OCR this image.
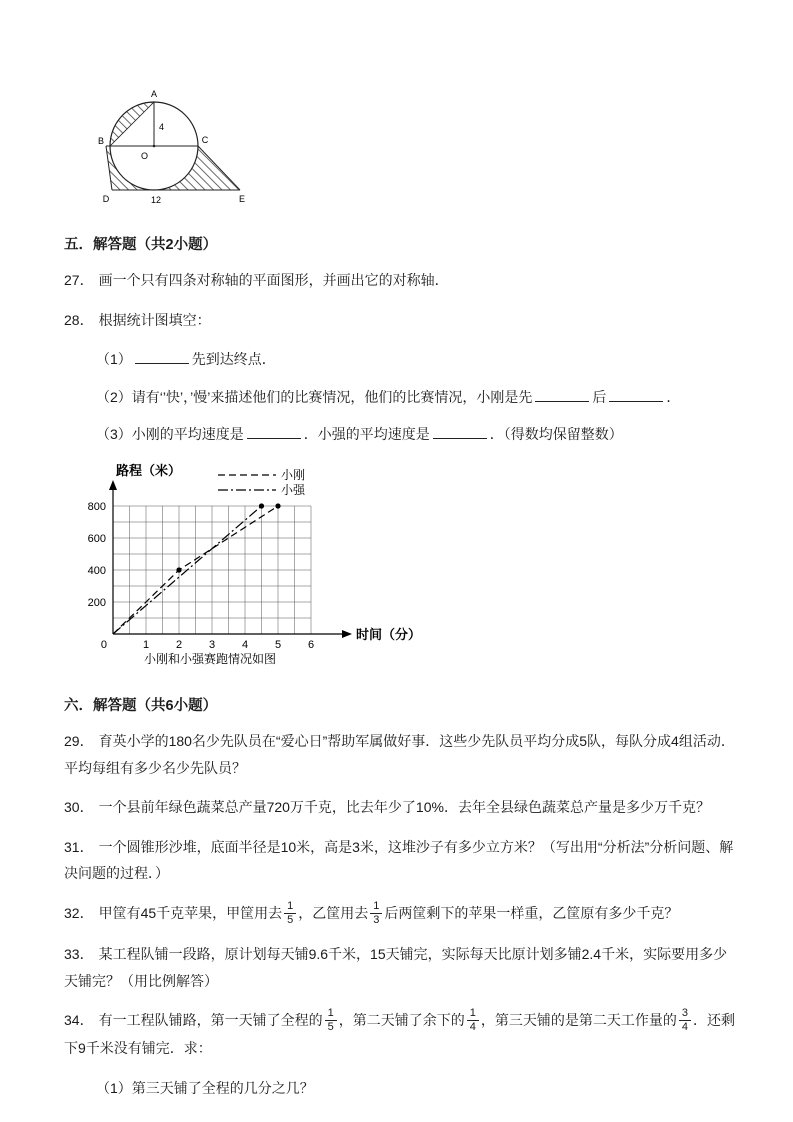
A
B	C
O
D	E
4
12
五．解答题（共2小题）

27． 画一个只有四条对称轴的平面图形，并画出它的对称轴．

28． 根据统计图填空：

（1）	先到达终点．

（2）请有‘’快’，’慢’来描述他们的比赛情况，他们的比赛情况，小刚是先	后	．

（3）小刚的平均速度是	．小强的平均速度是	．（得数均保留整数）

1 2 3 4 5 6
200
400
600
800
0
小刚
小强
路程（米）
时间（分）
小刚和小强赛跑情况如图
六．解答题（共6小题）

29． 育英小学的180名少先队员在“爱心日”帮助军属做好事．这些少先队员平均分成5队，每队分成4组活动．平均每组有多少名少先队员？

30． 一个县前年绿色蔬菜总产量720万千克，比去年少了10%．去年全县绿色蔬菜总产量是多少万千克？

31． 一个圆锥形沙堆，底面半径是10米，高是3米，这堆沙子有多少立方米？（写出用“分析法”分析问题、解决问题的过程．）

32． 甲筐有45千克苹果，甲筐用去 $\frac{1}{5}$ ，乙筐用去 $\frac{1}{3}$ 后两筐剩下的苹果一样重，乙筐原有多少千克？

33． 某工程队铺一段路，原计划每天铺9.6千米，15天铺完，实际每天比原计划多铺2.4千米，实际要用多少天铺完？（用比例解答）

34． 有一工程队铺路，第一天铺了全程的 $\frac{1}{5}$ ，第二天铺了余下的 $\frac{1}{4}$ ，第三天铺的是第二天工作量的 $\frac{3}{4}$ ．还剩下9千米没有铺完．求：

（1）第三天铺了全程的几分之几？
